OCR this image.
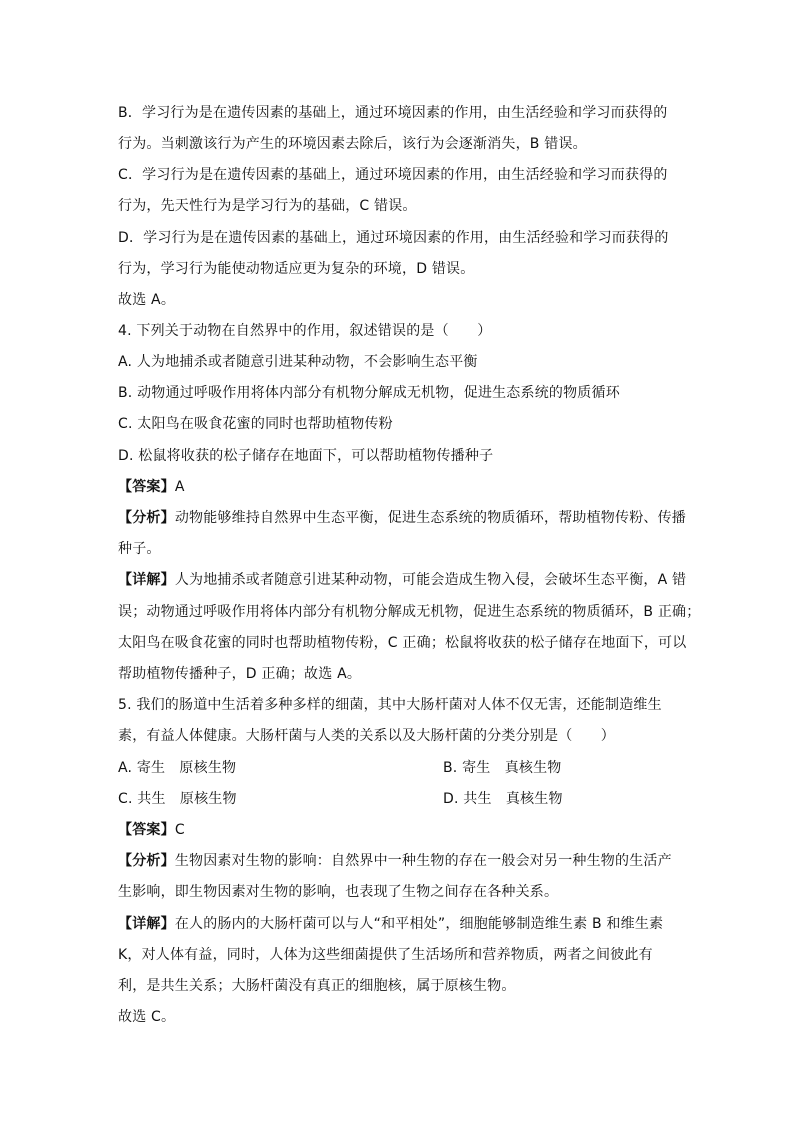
B．学习行为是在遗传因素的基础上，通过环境因素的作用，由生活经验和学习而获得的
行为。当刺激该行为产生的环境因素去除后，该行为会逐渐消失，B 错误。
C．学习行为是在遗传因素的基础上，通过环境因素的作用，由生活经验和学习而获得的
行为，先天性行为是学习行为的基础，C 错误。
D．学习行为是在遗传因素的基础上，通过环境因素的作用，由生活经验和学习而获得的
行为，学习行为能使动物适应更为复杂的环境，D 错误。
故选 A。
4. 下列关于动物在自然界中的作用，叙述错误的是（　　）
A. 人为地捕杀或者随意引进某种动物，不会影响生态平衡
B. 动物通过呼吸作用将体内部分有机物分解成无机物，促进生态系统的物质循环
C. 太阳鸟在吸食花蜜的同时也帮助植物传粉
D. 松鼠将收获的松子储存在地面下，可以帮助植物传播种子
【答案】A
【分析】动物能够维持自然界中生态平衡，促进生态系统的物质循环，帮助植物传粉、传播
种子。
【详解】人为地捕杀或者随意引进某种动物，可能会造成生物入侵，会破坏生态平衡，A 错
误；动物通过呼吸作用将体内部分有机物分解成无机物，促进生态系统的物质循环，B 正确；
太阳鸟在吸食花蜜的同时也帮助植物传粉，C 正确；松鼠将收获的松子储存在地面下，可以
帮助植物传播种子，D 正确；故选 A。
5. 我们的肠道中生活着多种多样的细菌，其中大肠杆菌对人体不仅无害，还能制造维生
素，有益人体健康。大肠杆菌与人类的关系以及大肠杆菌的分类分别是（　　）
A. 寄生　原核生物	B. 寄生　真核生物
C. 共生　原核生物	D. 共生　真核生物
【答案】C
【分析】生物因素对生物的影响：自然界中一种生物的存在一般会对另一种生物的生活产
生影响，即生物因素对生物的影响，也表现了生物之间存在各种关系。
【详解】在人的肠内的大肠杆菌可以与人“和平相处”，细胞能够制造维生素 B 和维生素
K，对人体有益，同时，人体为这些细菌提供了生活场所和营养物质，两者之间彼此有
利，是共生关系；大肠杆菌没有真正的细胞核，属于原核生物。
故选 C。
